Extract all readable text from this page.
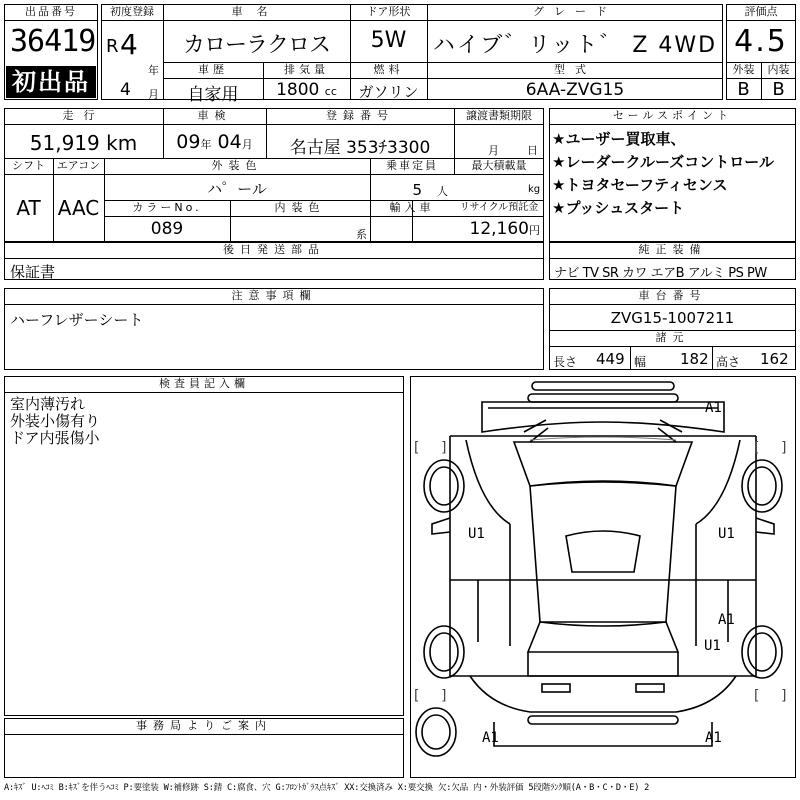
出品番号
36419
初出品
初度登録
R 4
年
4 月
車名
カローラクロス
ドア形状
5W
グレード
ハイブ゛リット゛ Z 4WD
車歴
自家用
排気量
1800 cc
燃料
ガソリン
型式
6AA-ZVG15
評価点
4.5
外装	内装
B	B
走行
51,919 km
車検
09年 04月
登録番号
名古屋 353ﾁ3300
譲渡書類期限
月	日
シフト
AT
エアコン
AAC
外装色
ハ゜ール
乗車定員
5　 人
最大積載量
kg
カラーNo.
089
内装色
系
輸入車	リサイクル預託金
12,160円
セールスポイント
★ユーザー買取車、
★レーダークルーズコントロール
★トヨタセーフティセンス
★プッシュスタート
後日発送部品
保証書
純正装備
ナビ TV SR カワ エアB アルミ PS PW
注意事項欄
ハーフレザーシート
車台番号
ZVG15-1007211
諸元
長さ 449 幅 182 高さ 162
検査員記入欄
室内薄汚れ
外装小傷有り
ドア内張傷小
事務局よりご案内
[ ]	[ ]
[ ]	[ ]
A1
U1	U1
A1
U1
A1	A1
A:ｷｽﾞ U:ﾍｺﾐ B:ｷｽﾞを伴うﾍｺﾐ P:要塗装 W:補修跡 S:錆 C:腐食、穴 G:ﾌﾛﾝﾄｶﾞﾗｽ点ｷｽﾞ XX:交換済み X:要交換 欠:欠品 内・外装評価 5段階ﾗﾝｸ順(A・B・C・D・E) 2
